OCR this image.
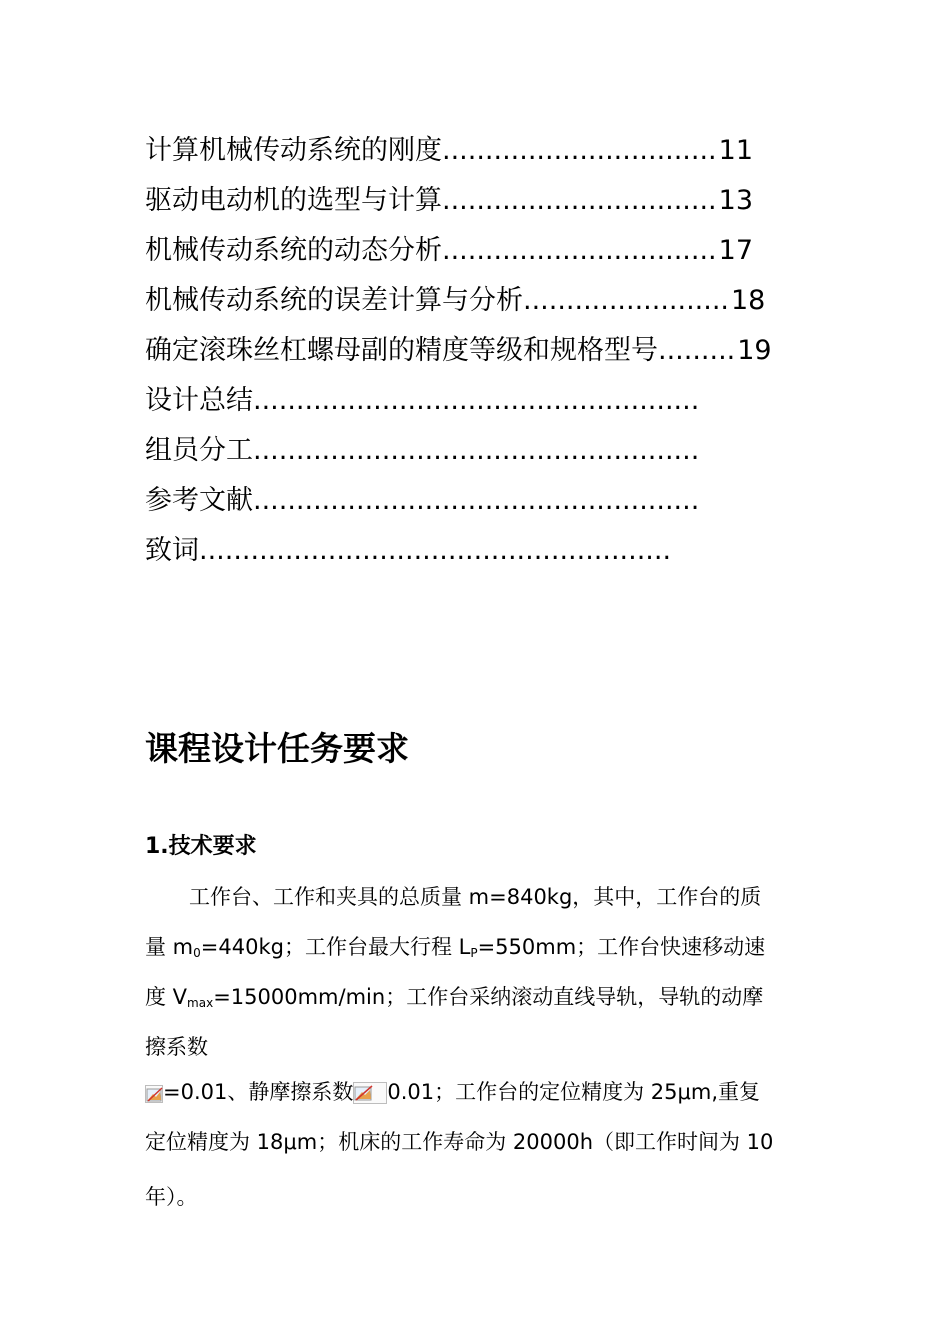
计算机械传动系统的刚度................................11
驱动电动机的选型与计算................................13
机械传动系统的动态分析................................17
机械传动系统的误差计算与分析........................18
确定滚珠丝杠螺母副的精度等级和规格型号.........19
设计总结....................................................
组员分工....................................................
参考文献....................................................
致词.......................................................
课程设计任务要求
1.技术要求
工作台、工作和夹具的总质量 m=840kg，其中，工作台的质
量 $m_0=440kg$；工作台最大行程 $L_P=550mm$；工作台快速移动速
度 $V_{max}=15000mm/\min$；工作台采纳滚动直线导轨，导轨的动摩
擦系数
=0.01、静摩擦系数 0.01；工作台的定位精度为 25μm,重复
定位精度为 18μm；机床的工作寿命为 20000h（即工作时间为 10
年）。
